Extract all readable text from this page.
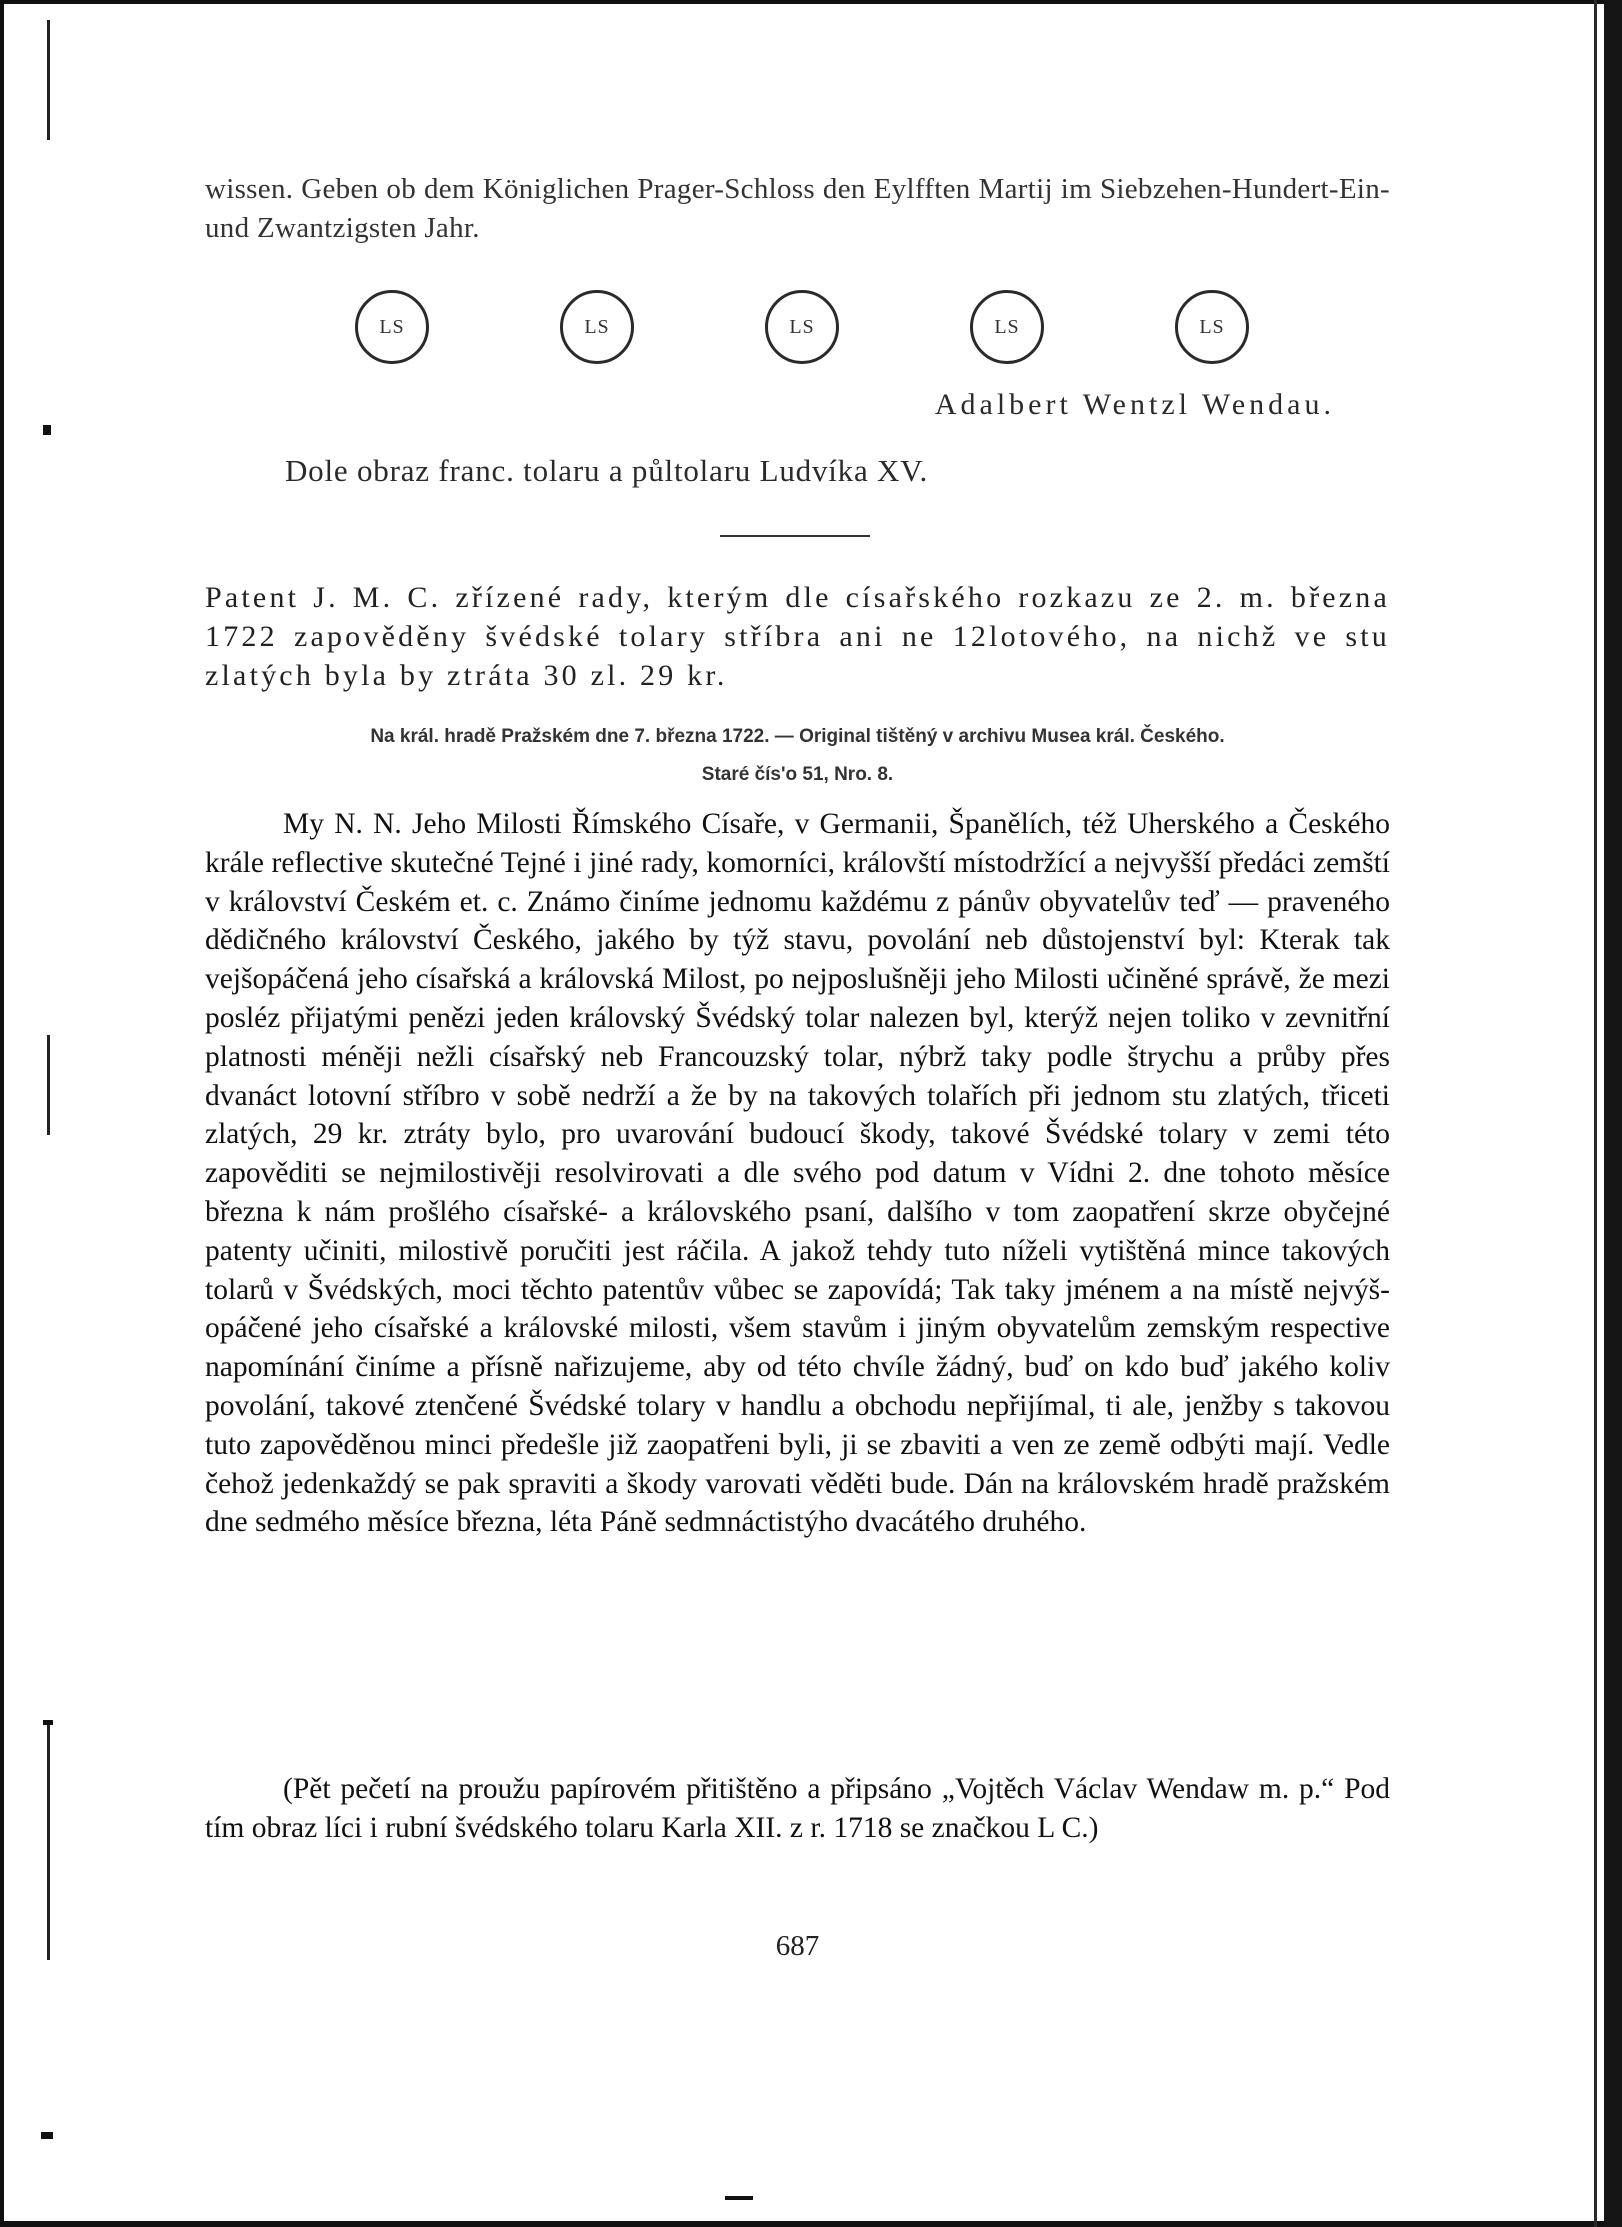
wissen. Geben ob dem Königlichen Prager-Schloss den Eylfften Martij im Siebzehen-Hundert-Ein- und Zwantzigsten Jahr.

LS	LS	LS	LS	LS
Adalbert Wentzl Wendau.
Dole obraz franc. tolaru a půltolaru Ludvíka XV.

Patent J. M. C. zřízené rady, kterým dle císařského rozkazu ze 2. m. března 1722 zapověděny švédské tolary stříbra ani ne 12lotového, na nichž ve stu zlatých byla by ztráta 30 zl. 29 kr.

Na král. hradě Pražském dne 7. března 1722. — Original tištěný v archivu Musea král. Českého.
Staré čís'o 51, Nro. 8.

My N. N. Jeho Milosti Římského Císaře, v Germanii, Španělích, též Uherského a Českého krále reflective skutečné Tejné i jiné rady, komorníci, královští místodržící a nejvyšší předáci zemští v království Českém et. c. Známo činíme jednomu každému z pánův obyvatelův teď — praveného dědičného království Českého, jakého by týž stavu, povolání neb důstojenství byl: Kterak tak vejšopáčená jeho císařská a královská Milost, po nejposlušněji jeho Milosti učiněné správě, že mezi posléz přijatými penězi jeden královský Švédský tolar nalezen byl, kterýž nejen toliko v zevnitřní platnosti méněji nežli císařský neb Francouzský tolar, nýbrž taky podle štrychu a průby přes dvanáct lotovní stříbro v sobě nedrží a že by na takových tolařích při jednom stu zlatých, třiceti zlatých, 29 kr. ztráty bylo, pro uvarování budoucí škody, takové Švédské tolary v zemi této zapověditi se nejmilostivěji resolvirovati a dle svého pod datum v Vídni 2. dne tohoto měsíce března k nám prošlého císařské- a královského psaní, dalšího v tom zaopatření skrze obyčejné patenty učiniti, milostivě poručiti jest ráčila. A jakož tehdy tuto níželi vytištěná mince takových tolarů v Švédských, moci těchto patentův vůbec se zapovídá; Tak taky jménem a na místě nejvýš-opáčené jeho císařské a královské milosti, všem stavům i jiným obyvatelům zemským respective napomínání činíme a přísně nařizujeme, aby od této chvíle žádný, buď on kdo buď jakého koliv povolání, takové ztenčené Švédské tolary v handlu a obchodu nepřijímal, ti ale, jenžby s takovou tuto zapověděnou minci předešle již zaopatřeni byli, ji se zbaviti a ven ze země odbýti mají. Vedle čehož jedenkaždý se pak spraviti a škody varovati věděti bude. Dán na královském hradě pražském dne sedmého měsíce března, léta Páně sedmnáctistýho dvacátého druhého.

(Pět pečetí na proužu papírovém přitištěno a připsáno „Vojtěch Václav Wendaw m. p.“ Pod tím obraz líci i rubní švédského tolaru Karla XII. z r. 1718 se značkou L C.)

687
